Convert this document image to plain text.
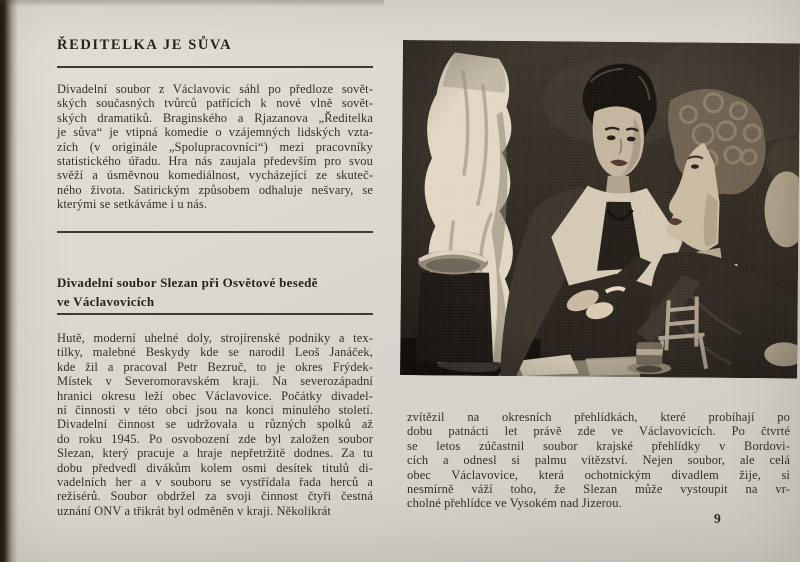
ŘEDITELKA JE SŮVA
Divadelní soubor z Václavovic sáhl po předloze sovět-
ských současných tvůrců patřících k nové vlně sovět-
ských dramatiků. Braginského a Rjazanova „Ředitelka
je sůva“ je vtipná komedie o vzájemných lidských vzta-
zích (v originále „Spolupracovníci“) mezi pracovníky
statistického úřadu. Hra nás zaujala především pro svou
svěží a úsměvnou komediálnost, vycházející ze skuteč-
ného života. Satirickým způsobem odhaluje nešvary, se
kterými se setkáváme i u nás.
Divadelní soubor Slezan při Osvětové besedě
ve Václavovicích
Hutě, moderní uhelné doly, strojírenské podniky a tex-
tilky, malebné Beskydy kde se narodil Leoš Janáček,
kde žil a pracoval Petr Bezruč, to je okres Frýdek-
Místek v Severomoravském kraji. Na severozápadní
hranici okresu leží obec Václavovice. Počátky divadel-
ní činnosti v této obci jsou na konci minulého století.
Divadelní činnost se udržovala u různých spolků až
do roku 1945. Po osvobození zde byl založen soubor
Slezan, který pracuje a hraje nepřetržitě dodnes. Za tu
dobu předvedl divákům kolem osmi desítek titulů di-
vadelních her a v souboru se vystřídala řada herců a
režisérů. Soubor obdržel za svoji činnost čtyři čestná
uznání ONV a třikrát byl odměněn v kraji. Několikrát
zvítězil na okresních přehlídkách, které probíhají po
dobu patnácti let právě zde ve Václavovicích. Po čtvrté
se letos zúčastnil soubor krajské přehlídky v Bordovi-
cích a odnesl si palmu vítězství. Nejen soubor, ale celá
obec Václavovice, která ochotnickým divadlem žije, si
nesmírně váží toho, že Slezan může vystoupit na vr-
cholné přehlídce ve Vysokém nad Jizerou.
9
